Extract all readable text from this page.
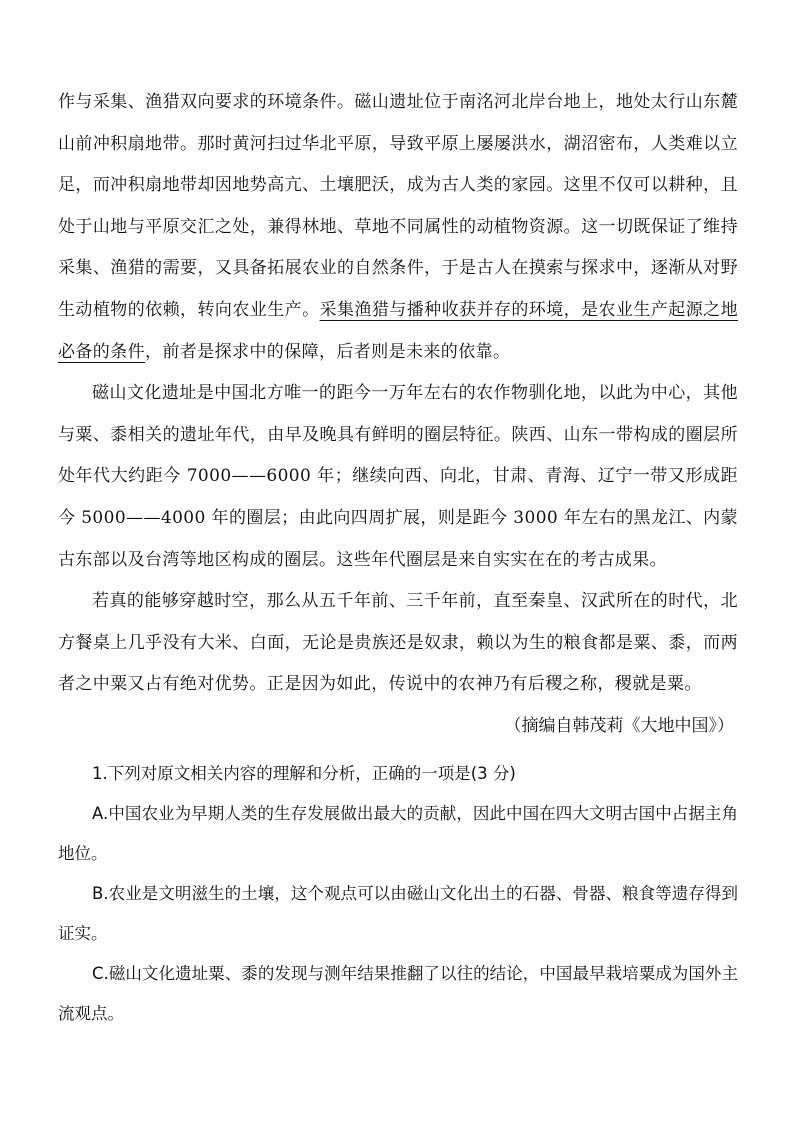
作与采集、渔猎双向要求的环境条件。磁山遗址位于南洺河北岸台地上，地处太行山东麓山前冲积扇地带。那时黄河扫过华北平原，导致平原上屡屡洪水，湖沼密布，人类难以立足，而冲积扇地带却因地势高亢、土壤肥沃，成为古人类的家园。这里不仅可以耕种，且处于山地与平原交汇之处，兼得林地、草地不同属性的动植物资源。这一切既保证了维持采集、渔猎的需要，又具备拓展农业的自然条件，于是古人在摸索与探求中，逐渐从对野生动植物的依赖，转向农业生产。采集渔猎与播种收获并存的环境，是农业生产起源之地必备的条件，前者是探求中的保障，后者则是未来的依靠。

磁山文化遗址是中国北方唯一的距今一万年左右的农作物驯化地，以此为中心，其他与粟、黍相关的遗址年代，由早及晚具有鲜明的圈层特征。陕西、山东一带构成的圈层所处年代大约距今 7000——6000 年；继续向西、向北，甘肃、青海、辽宁一带又形成距今 5000——4000 年的圈层；由此向四周扩展，则是距今 3000 年左右的黑龙江、内蒙古东部以及台湾等地区构成的圈层。这些年代圈层是来自实实在在的考古成果。

若真的能够穿越时空，那么从五千年前、三千年前，直至秦皇、汉武所在的时代，北方餐桌上几乎没有大米、白面，无论是贵族还是奴隶，赖以为生的粮食都是粟、黍，而两者之中粟又占有绝对优势。正是因为如此，传说中的农神乃有后稷之称，稷就是粟。

（摘编自韩茂莉《大地中国》）

1.下列对原文相关内容的理解和分析，正确的一项是(3 分)

A.中国农业为早期人类的生存发展做出最大的贡献，因此中国在四大文明古国中占据主角地位。

B.农业是文明滋生的土壤，这个观点可以由磁山文化出土的石器、骨器、粮食等遗存得到证实。

C.磁山文化遗址粟、黍的发现与测年结果推翻了以往的结论，中国最早栽培粟成为国外主流观点。
